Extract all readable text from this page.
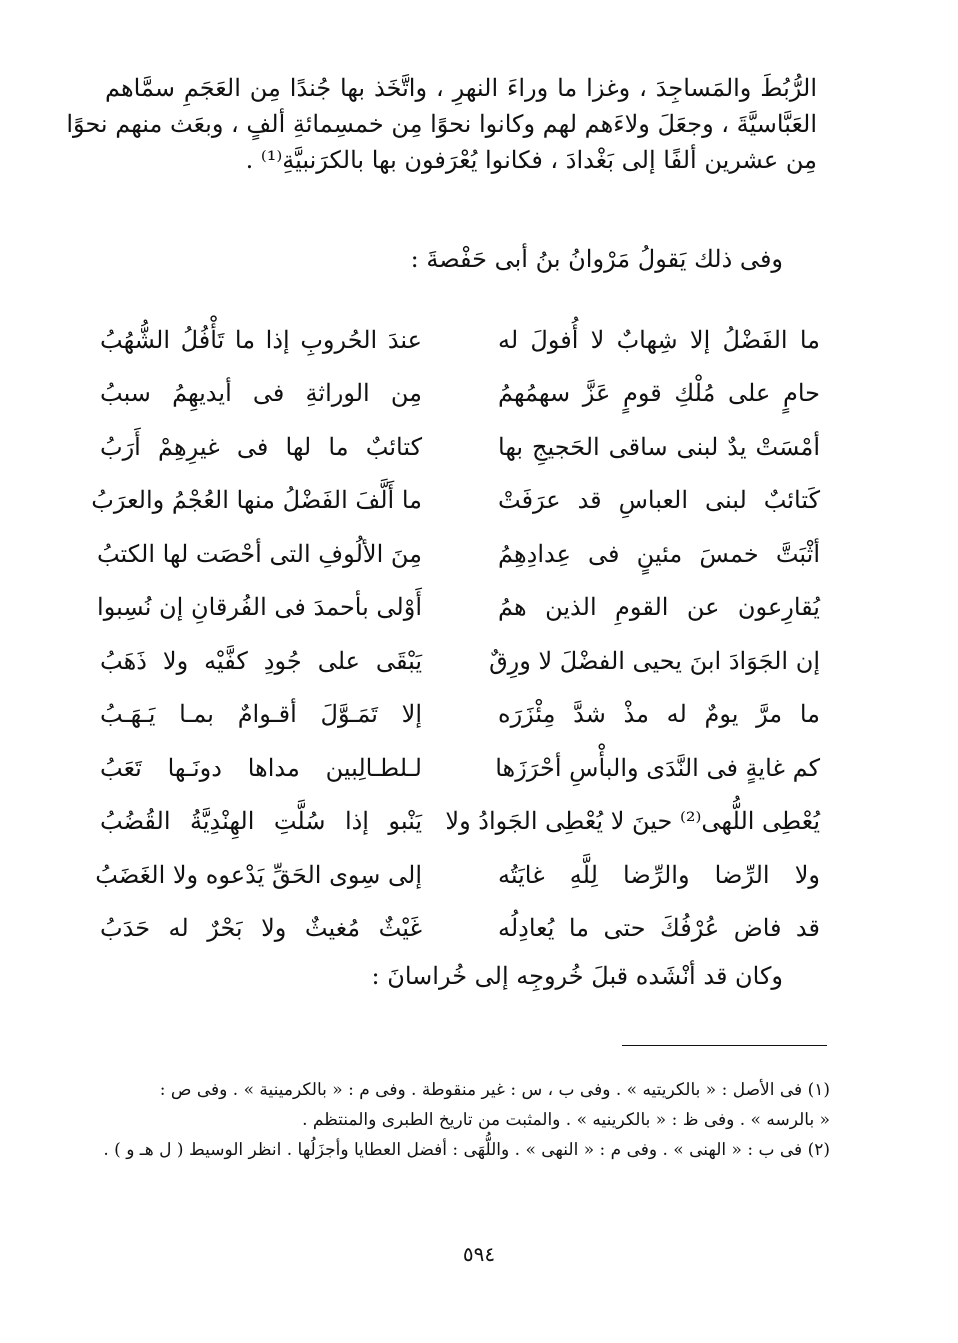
الرُّبُطَ والمَساجِدَ ، وغزا ما وراءَ النهرِ ، واتَّخَذ بها جُندًا مِن العَجَمِ سمَّاهم
العَبَّاسيَّةَ ، وجعَلَ ولاءَهم لهم وكانوا نحوًا مِن خمسِمائةِ ألفٍ ، وبعَث منهم نحوًا
مِن عشرين ألفًا إلى بَغْدادَ ، فكانوا يُعْرَفون بها بالكرَنبيَّةِ⁽¹⁾ .
وفى ذلك يَقولُ مَرْوانُ بنُ أبى حَفْصةَ :
ما الفَضْلُ إلا شِهابٌ لا أُفولَ له
عندَ الحُروبِ إذا ما تَأْفُلُ الشُّهُبُ
حامٍ على مُلْكِ قومٍ عَزَّ سهمُهمُ
مِن الوراثةِ فى أيديهِمُ سببُ
أمْسَتْ يدٌ لبنى ساقى الحَجيجِ بها
كتائبٌ ما لها فى غيرِهِمْ أَرَبُ
كَتائبٌ لبنى العباسِ قد عرَفَتْ
ما أَلَّفَ الفَضْلُ منها العُجْمُ والعرَبُ
أثْبَتَّ خمسَ مئينٍ فى عِدادِهِمُ
مِنَ الألُوفِ التى أحْصَت لها الكتبُ
يُقارِعون عن القومِ الذين همُ
أَوْلى بأحمدَ فى الفُرقانِ إن نُسِبوا
إن الجَوَادَ ابنَ يحيى الفضْلَ لا ورِقٌ
يَبْقَى على جُودِ كفَّيْه ولا ذَهَبُ
ما مرَّ يومٌ له مذْ شدَّ مِئْزَرَه
إلا تَمَـوَّلَ أقـوامٌ بمـا يَـهَـبُ
كم غايةٍ فى النَّدَى والبأْسِ أحْرَزَها
لـلطـالِبين مداها دونَـها تَعَبُ
يُعْطِى اللُّهى⁽²⁾ حينَ لا يُعْطِى الجَوادُ ولا
يَنْبو إذا سُلَّتِ الهِنْدِيَّةُ القُضُبُ
ولا الرِّضا والرِّضا لِلَّهِ غايَتُه
إلى سِوى الحَقِّ يَدْعوه ولا الغَضَبُ
قد فاض عُرْفُكَ حتى ما يُعادِلُه
غَيْثٌ مُغيثٌ ولا بَحْرٌ له حَدَبُ
وكان قد أنْشَده قبلَ خُروجِه إلى خُراسانَ :
(١) فى الأصل : « بالكريتيه » . وفى ب ، س : غير منقوطة . وفى م : « بالكرمينية » . وفى ص :
« بالرسه » . وفى ظ : « بالكرينيه » . والمثبت من تاريخ الطبرى والمنتظم .
(٢) فى ب : « الهنى » . وفى م : « النهى » . واللُّهَى : أفضل العطايا وأجزَلُها . انظر الوسيط ( ل هـ و ) .
٥٩٤
